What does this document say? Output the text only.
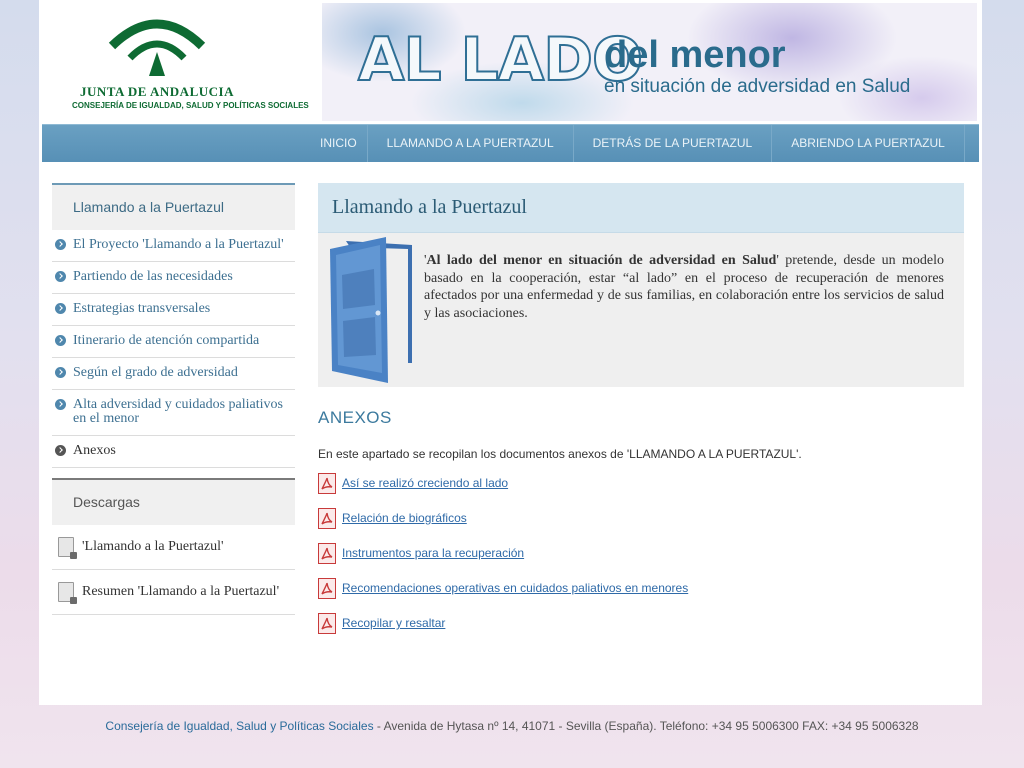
JUNTA DE ANDALUCIA
CONSEJERÍA DE IGUALDAD, SALUD Y POLÍTICAS SOCIALES
AL LADO
del menor
en situación de adversidad en Salud
INICIO	LLAMANDO A LA PUERTAZUL	DETRÁS DE LA PUERTAZUL	ABRIENDO LA PUERTAZUL
Llamando a la Puertazul
El Proyecto 'Llamando a la Puertazul'
Partiendo de las necesidades
Estrategias transversales
Itinerario de atención compartida
Según el grado de adversidad
Alta adversidad y cuidados paliativos en el menor
Anexos
Descargas
'Llamando a la Puertazul'
Resumen 'Llamando a la Puertazul'
Llamando a la Puertazul
'Al lado del menor en situación de adversidad en Salud' pretende, desde un modelo basado en la cooperación, estar “al lado” en el proceso de recuperación de menores afectados por una enfermedad y de sus familias, en colaboración entre los servicios de salud y las asociaciones.
ANEXOS
En este apartado se recopilan los documentos anexos de 'LLAMANDO A LA PUERTAZUL'.
Así se realizó creciendo al lado
Relación de biográficos
Instrumentos para la recuperación
Recomendaciones operativas en cuidados paliativos en menores
Recopilar y resaltar
Consejería de Igualdad, Salud y Políticas Sociales - Avenida de Hytasa nº 14, 41071 - Sevilla (España). Teléfono: +34 95 5006300 FAX: +34 95 5006328
